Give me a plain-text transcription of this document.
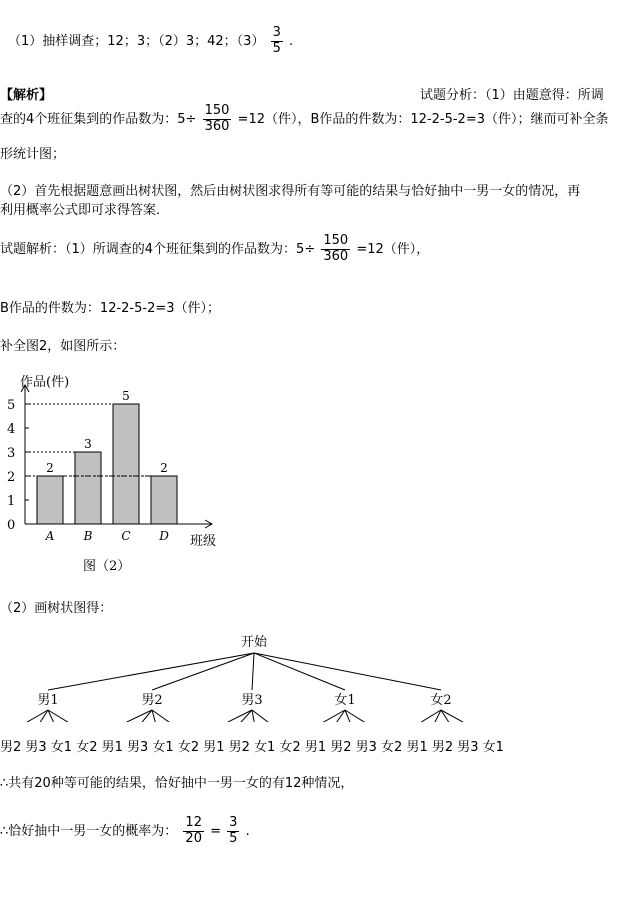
（1）抽样调查；12；3；（2）3；42；$(3) \frac{3}{5}$ .
【解析】	试题分析：（1）由题意得：所调
查的4个班征集到的作品数为：$5\div \frac{150}{360} =12$（件），B作品的件数为：12-2-5-2=3（件）；继而可补全条
形统计图；
（2）首先根据题意画出树状图，然后由树状图求得所有等可能的结果与恰好抽中一男一女的情况，再
利用概率公式即可求得答案.
试题解析：（1）所调查的4个班征集到的作品数为：$5\div \frac{150}{360} =12$（件），
B作品的件数为：12-2-5-2=3（件）；
补全图2，如图所示：
作品(件)
班级
图（2）
0
1
2
3
4
5
2
A
3
B
5
C
2
D
（2）画树状图得：
开始
男1	男2	男3	女1	女2
男2 男3 女1 女2 男1 男3 女1 女2 男1 男2 女1 女2 男1 男2 男3 女2 男1 男2 男3 女1
∴共有20种等可能的结果，恰好抽中一男一女的有12种情况，
∴恰好抽中一男一女的概率为： $\frac{12}{20} = \frac{3}{5}$ .
